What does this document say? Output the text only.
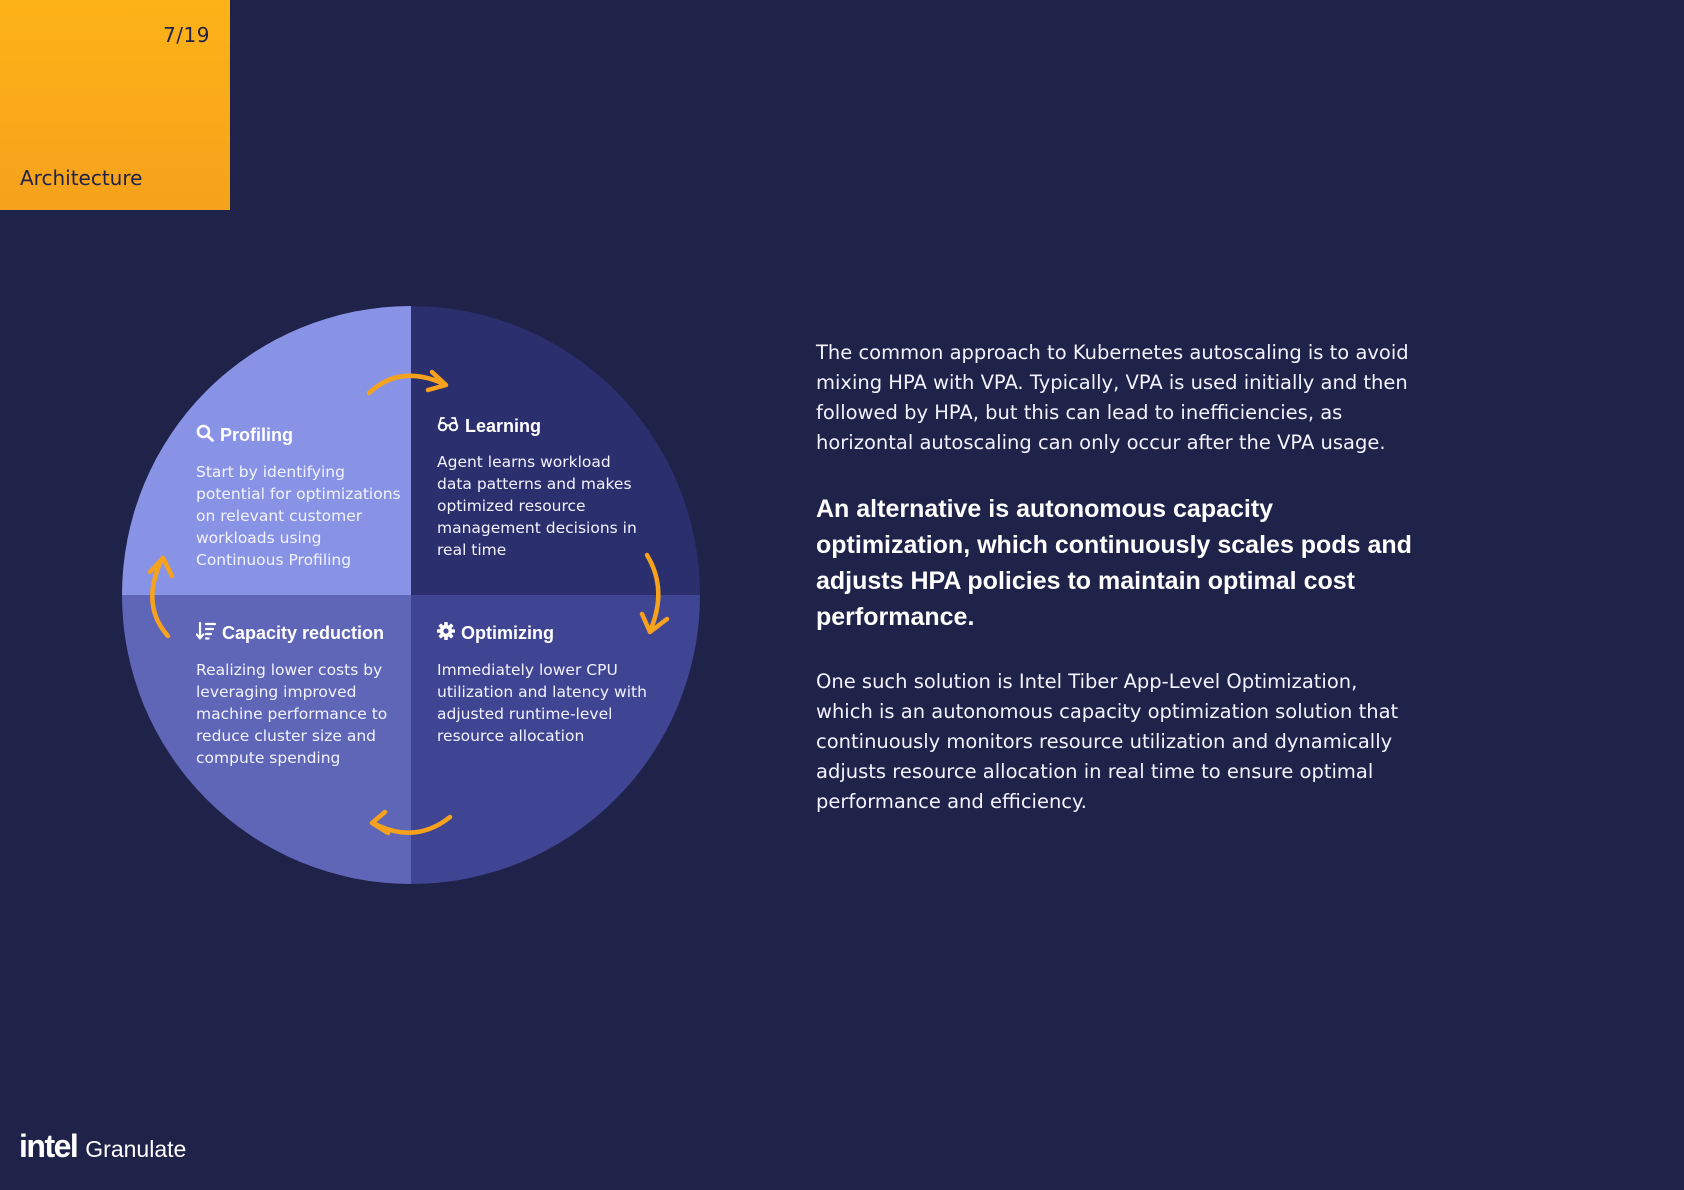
7/19
Architecture
Profiling
Start by identifying potential for optimizations on relevant customer workloads using Continuous Profiling
Learning
Agent learns workload data patterns and makes optimized resource management decisions in real time
Capacity reduction
Realizing lower costs by leveraging improved machine performance to reduce cluster size and compute spending
Optimizing
Immediately lower CPU utilization and latency with adjusted runtime-level resource allocation

The common approach to Kubernetes autoscaling is to avoid mixing HPA with VPA. Typically, VPA is used initially and then followed by HPA, but this can lead to inefficiencies, as horizontal autoscaling can only occur after the VPA usage.

An alternative is autonomous capacity optimization, which continuously scales pods and adjusts HPA policies to maintain optimal cost performance.

One such solution is Intel Tiber App-Level Optimization, which is an autonomous capacity optimization solution that continuously monitors resource utilization and dynamically adjusts resource allocation in real time to ensure optimal performance and efficiency.

intel Granulate
